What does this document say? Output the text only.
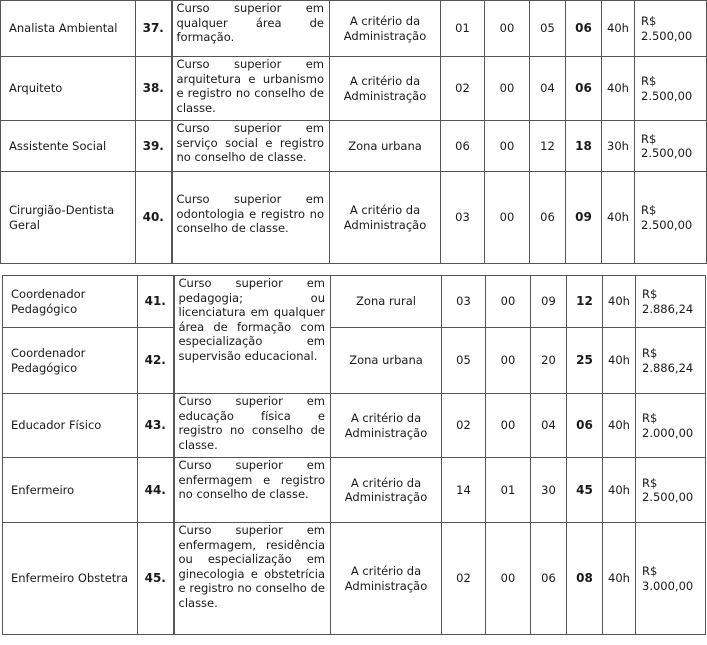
Analista Ambiental	37.	Curso superior em qualquer área de formação.	A critério da Administração	01	00	05	06	40h	R$ 2.500,00
Arquiteto	38.	Curso superior em arquitetura e urbanismo e registro no conselho de classe.	A critério da Administração	02	00	04	06	40h	R$ 2.500,00
Assistente Social	39.	Curso superior em serviço social e registro no conselho de classe.	Zona urbana	06	00	12	18	30h	R$ 2.500,00
Cirurgião-Dentista Geral	40.	Curso superior em odontologia e registro no conselho de classe.	A critério da Administração	03	00	06	09	40h	R$ 2.500,00
Coordenador Pedagógico	41.	Curso superior em pedagogia; ou licenciatura em qualquer área de formação com especialização em supervisão educacional.	Zona rural	03	00	09	12	40h	R$ 2.886,24
Coordenador Pedagógico	42.		Zona urbana	05	00	20	25	40h	R$ 2.886,24
Educador Físico	43.	Curso superior em educação física e registro no conselho de classe.	A critério da Administração	02	00	04	06	40h	R$ 2.000,00
Enfermeiro	44.	Curso superior em enfermagem e registro no conselho de classe.	A critério da Administração	14	01	30	45	40h	R$ 2.500,00
Enfermeiro Obstetra	45.	Curso superior em enfermagem, residência ou especialização em ginecologia e obstetrícia e registro no conselho de classe.	A critério da Administração	02	00	06	08	40h	R$ 3.000,00
